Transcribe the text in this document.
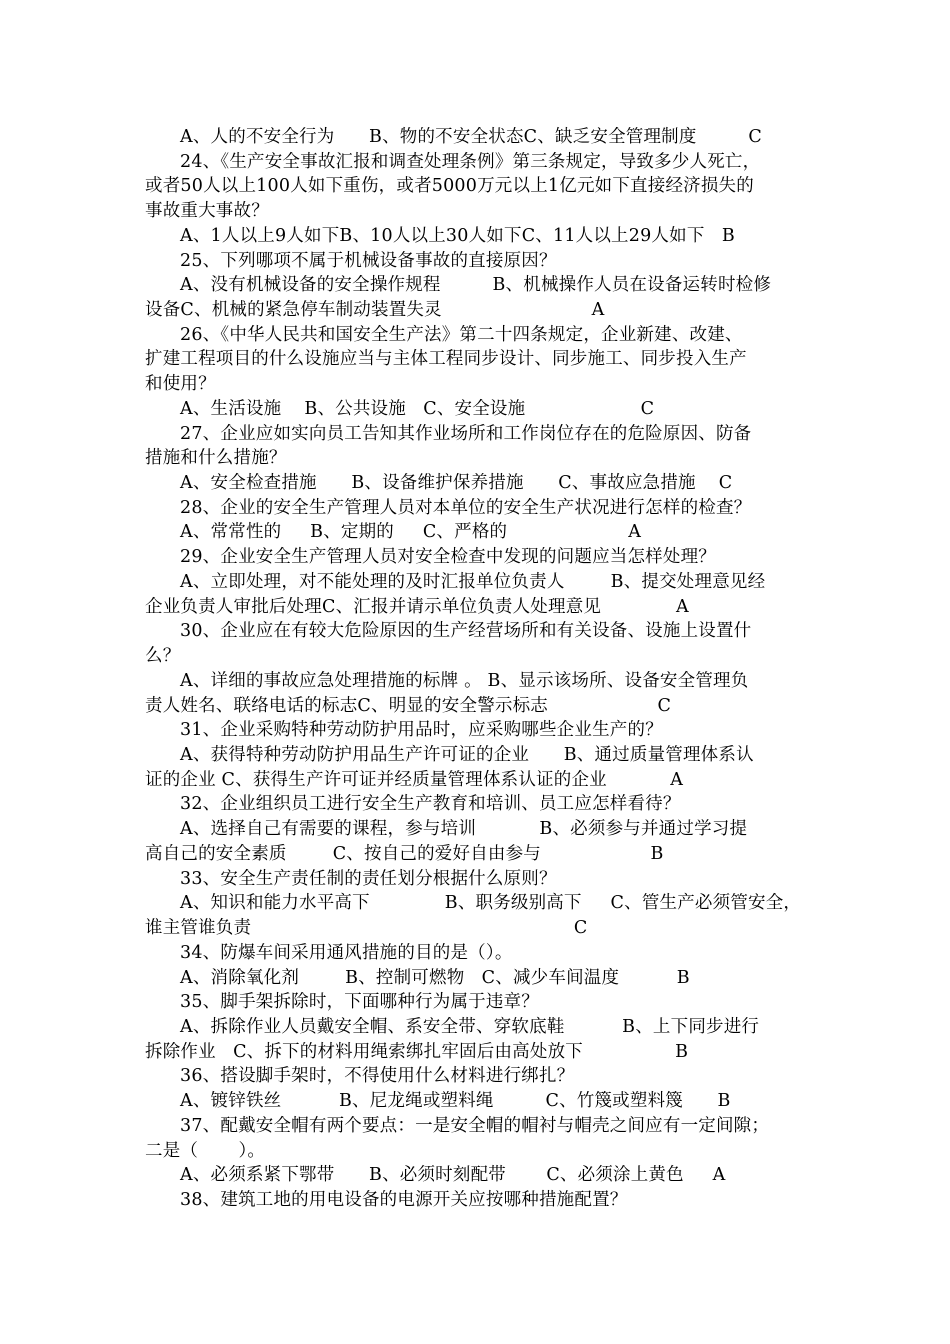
A、人的不安全行为      B、物的不安全状态C、缺乏安全管理制度         C
24、《生产安全事故汇报和调查处理条例》第三条规定，导致多少人死亡，
或者50人以上100人如下重伤，或者5000万元以上1亿元如下直接经济损失的
事故重大事故？
A、1人以上9人如下B、10人以上30人如下C、11人以上29人如下   B
25、下列哪项不属于机械设备事故的直接原因？
A、没有机械设备的安全操作规程         B、机械操作人员在设备运转时检修
设备C、机械的紧急停车制动装置失灵                          A
26、《中华人民共和国安全生产法》第二十四条规定，企业新建、改建、
扩建工程项目的什么设施应当与主体工程同步设计、同步施工、同步投入生产
和使用？
A、生活设施    B、公共设施   C、安全设施                    C
27、企业应如实向员工告知其作业场所和工作岗位存在的危险原因、防备
措施和什么措施？
A、安全检查措施      B、设备维护保养措施      C、事故应急措施    C
28、企业的安全生产管理人员对本单位的安全生产状况进行怎样的检查？
A、常常性的     B、定期的     C、严格的                     A
29、企业安全生产管理人员对安全检查中发现的问题应当怎样处理？
A、立即处理，对不能处理的及时汇报单位负责人        B、提交处理意见经
企业负责人审批后处理C、汇报并请示单位负责人处理意见             A
30、企业应在有较大危险原因的生产经营场所和有关设备、设施上设置什
么？
A、详细的事故应急处理措施的标牌 。 B、显示该场所、设备安全管理负
责人姓名、联络电话的标志C、明显的安全警示标志                   C
31、企业采购特种劳动防护用品时，应采购哪些企业生产的？
A、获得特种劳动防护用品生产许可证的企业      B、通过质量管理体系认
证的企业 C、获得生产许可证并经质量管理体系认证的企业           A
32、企业组织员工进行安全生产教育和培训、员工应怎样看待？
A、选择自己有需要的课程，参与培训           B、必须参与并通过学习提
高自己的安全素质        C、按自己的爱好自由参与                   B
33、安全生产责任制的责任划分根据什么原则？
A、知识和能力水平高下             B、职务级别高下     C、管生产必须管安全，
谁主管谁负责                                                        C
34、防爆车间采用通风措施的目的是（）。
A、消除氧化剂        B、控制可燃物   C、减少车间温度          B
35、脚手架拆除时，下面哪种行为属于违章？
A、拆除作业人员戴安全帽、系安全带、穿软底鞋          B、上下同步进行
拆除作业   C、拆下的材料用绳索绑扎牢固后由高处放下                B
36、搭设脚手架时，不得使用什么材料进行绑扎？
A、镀锌铁丝          B、尼龙绳或塑料绳         C、竹篾或塑料篾      B
37、配戴安全帽有两个要点：一是安全帽的帽衬与帽壳之间应有一定间隙；
二是（       ）。
A、必须系紧下鄂带      B、必须时刻配带       C、必须涂上黄色     A
38、建筑工地的用电设备的电源开关应按哪种措施配置？
